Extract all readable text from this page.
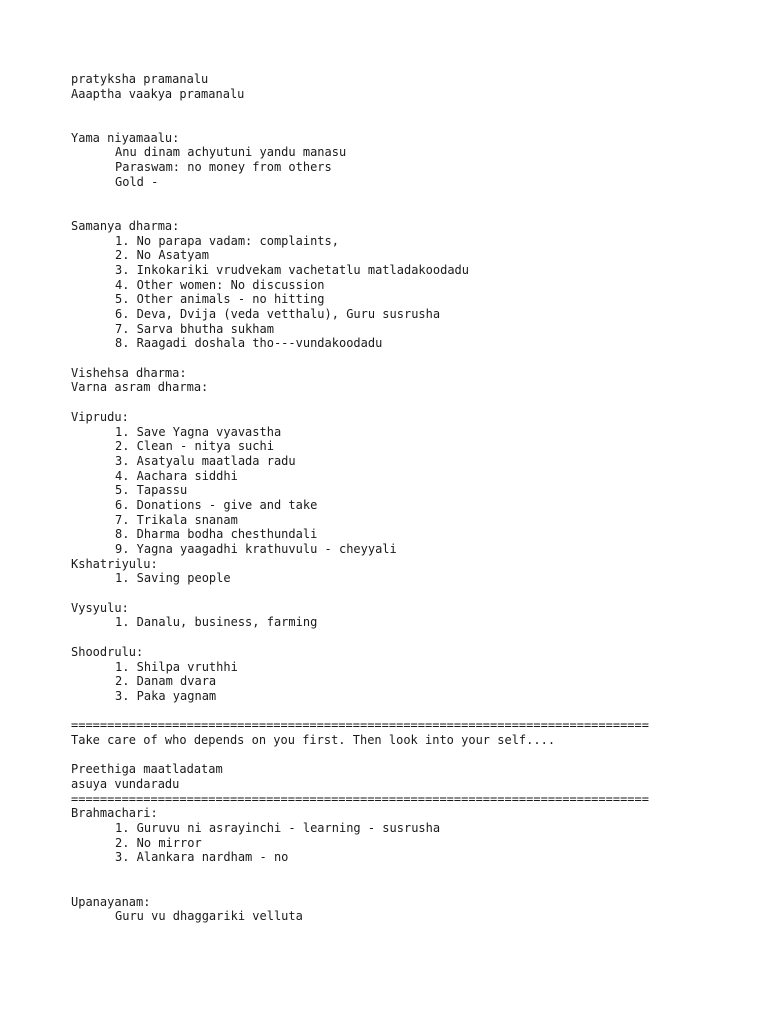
pratyksha pramanalu
Aaaptha vaakya pramanalu
Yama niyamaalu:
Anu dinam achyutuni yandu manasu
Paraswam: no money from others
Gold -
Samanya dharma:
1. No parapa vadam: complaints,
2. No Asatyam
3. Inkokariki vrudvekam vachetatlu matladakoodadu
4. Other women: No discussion
5. Other animals - no hitting
6. Deva, Dvija (veda vetthalu), Guru susrusha
7. Sarva bhutha sukham
8. Raagadi doshala tho---vundakoodadu
Vishehsa dharma:
Varna asram dharma:
Viprudu:
1. Save Yagna vyavastha
2. Clean - nitya suchi
3. Asatyalu maatlada radu
4. Aachara siddhi
5. Tapassu
6. Donations - give and take
7. Trikala snanam
8. Dharma bodha chesthundali
9. Yagna yaagadhi krathuvulu - cheyyali
Kshatriyulu:
1. Saving people
Vysyulu:
1. Danalu, business, farming
Shoodrulu:
1. Shilpa vruthhi
2. Danam dvara
3. Paka yagnam
================================================================================
Take care of who depends on you first. Then look into your self....
Preethiga maatladatam
asuya vundaradu
================================================================================
Brahmachari:
1. Guruvu ni asrayinchi - learning - susrusha
2. No mirror
3. Alankara nardham - no
Upanayanam:
Guru vu dhaggariki velluta
